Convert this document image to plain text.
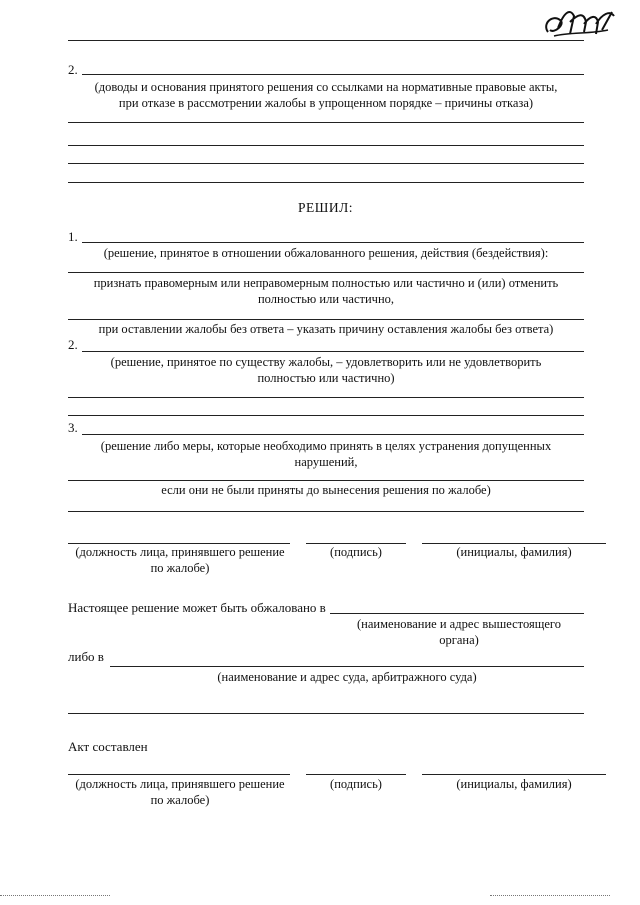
2.
(доводы и основания принятого решения со ссылками на нормативные правовые акты,
при отказе в рассмотрении жалобы в упрощенном порядке – причины отказа)
РЕШИЛ:
1.
(решение, принятое в отношении обжалованного решения, действия (бездействия):
признать правомерным или неправомерным полностью или частично и (или) отменить
полностью или частично,
при оставлении жалобы без ответа – указать причину оставления жалобы без ответа)
2.
(решение, принятое по существу жалобы, – удовлетворить или не удовлетворить
полностью или частично)
3.
(решение либо меры, которые необходимо принять в целях устранения допущенных
нарушений,
если они не были приняты до вынесения решения по жалобе)
(должность лица, принявшего решение
по жалобе)
(подпись)	(инициалы, фамилия)
Настоящее решение может быть обжаловано в
(наименование и адрес вышестоящего
органа)
либо в
(наименование и адрес суда, арбитражного суда)
Акт составлен
(должность лица, принявшего решение
по жалобе)
(подпись)	(инициалы, фамилия)
